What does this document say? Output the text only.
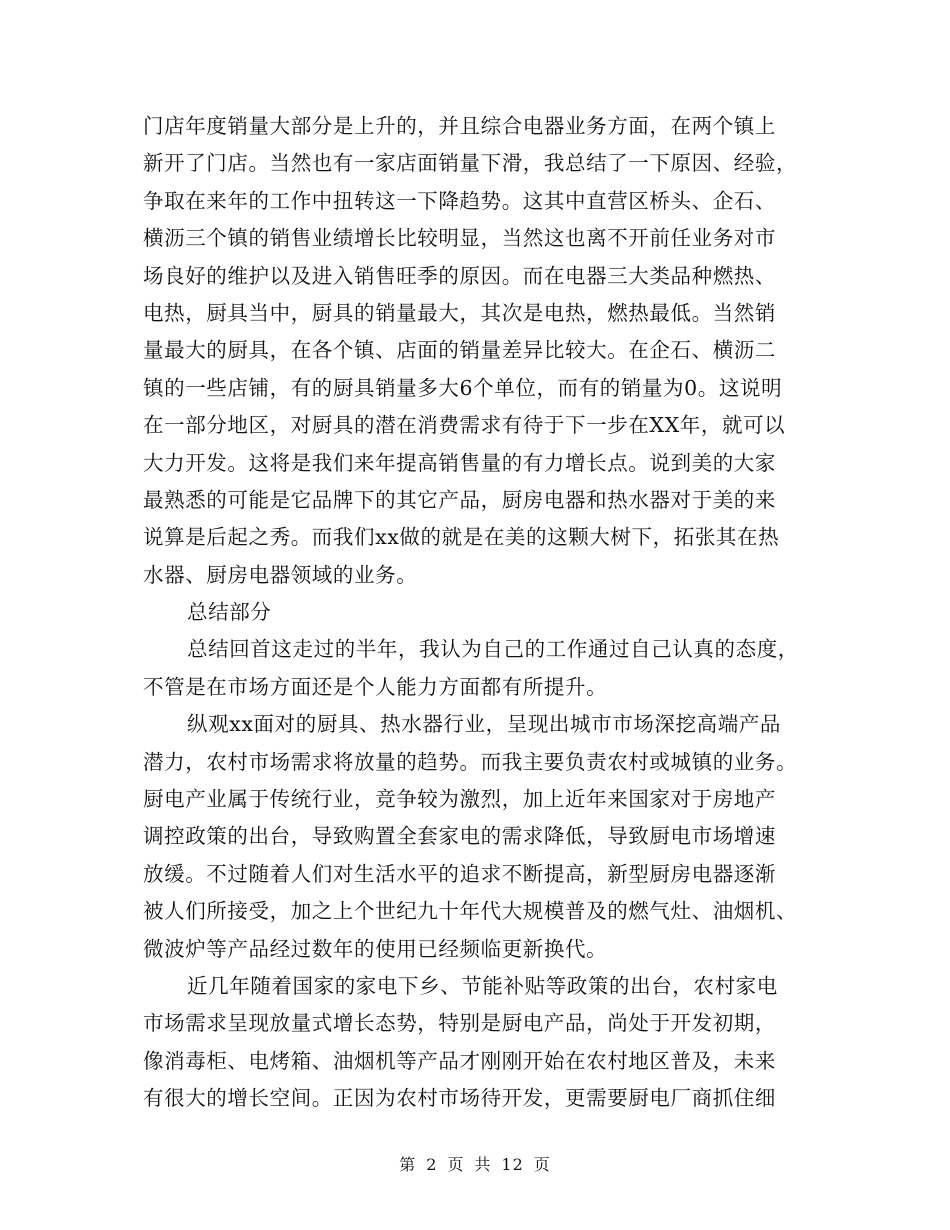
门店年度销量大部分是上升的，并且综合电器业务方面，在两个镇上
新开了门店。当然也有一家店面销量下滑，我总结了一下原因、经验，
争取在来年的工作中扭转这一下降趋势。这其中直营区桥头、企石、
横沥三个镇的销售业绩增长比较明显，当然这也离不开前任业务对市
场良好的维护以及进入销售旺季的原因。而在电器三大类品种燃热、
电热，厨具当中，厨具的销量最大，其次是电热，燃热最低。当然销
量最大的厨具，在各个镇、店面的销量差异比较大。在企石、横沥二
镇的一些店铺，有的厨具销量多大6个单位，而有的销量为0。这说明
在一部分地区，对厨具的潜在消费需求有待于下一步在XX年，就可以
大力开发。这将是我们来年提高销售量的有力增长点。说到美的大家
最熟悉的可能是它品牌下的其它产品，厨房电器和热水器对于美的来
说算是后起之秀。而我们xx做的就是在美的这颗大树下，拓张其在热
水器、厨房电器领域的业务。
总结部分
总结回首这走过的半年，我认为自己的工作通过自己认真的态度，
不管是在市场方面还是个人能力方面都有所提升。
纵观xx面对的厨具、热水器行业，呈现出城市市场深挖高端产品
潜力，农村市场需求将放量的趋势。而我主要负责农村或城镇的业务。
厨电产业属于传统行业，竞争较为激烈，加上近年来国家对于房地产
调控政策的出台，导致购置全套家电的需求降低，导致厨电市场增速
放缓。不过随着人们对生活水平的追求不断提高，新型厨房电器逐渐
被人们所接受，加之上个世纪九十年代大规模普及的燃气灶、油烟机、
微波炉等产品经过数年的使用已经频临更新换代。
近几年随着国家的家电下乡、节能补贴等政策的出台，农村家电
市场需求呈现放量式增长态势，特别是厨电产品，尚处于开发初期，
像消毒柜、电烤箱、油烟机等产品才刚刚开始在农村地区普及，未来
有很大的增长空间。正因为农村市场待开发，更需要厨电厂商抓住细
第 2 页 共 12 页
